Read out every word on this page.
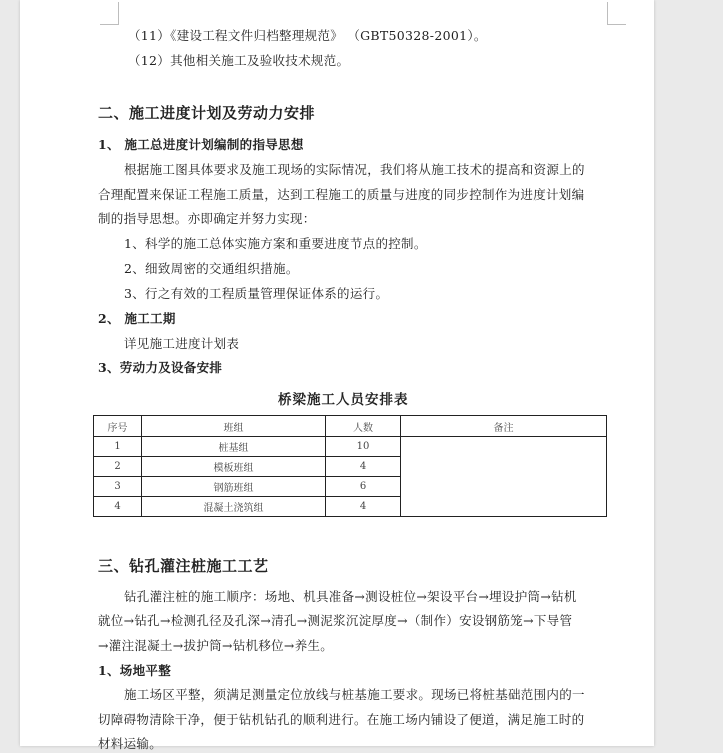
（11）《建设工程文件归档整理规范》 （GBT50328-2001）。
（12）其他相关施工及验收技术规范。
二、施工进度计划及劳动力安排
1、 施工总进度计划编制的指导思想
根据施工图具体要求及施工现场的实际情况，我们将从施工技术的提高和资源上的
合理配置来保证工程施工质量，达到工程施工的质量与进度的同步控制作为进度计划编
制的指导思想。亦即确定并努力实现：
1、科学的施工总体实施方案和重要进度节点的控制。
2、细致周密的交通组织措施。
3、行之有效的工程质量管理保证体系的运行。
2、 施工工期
详见施工进度计划表
3、劳动力及设备安排
桥梁施工人员安排表
序号	班组	人数	备注
1	桩基组	10	
2	模板班组	4	
3	钢筋班组	6	
4	混凝土浇筑组	4	
三、钻孔灌注桩施工工艺
钻孔灌注桩的施工顺序：场地、机具准备→测设桩位→架设平台→埋设护筒→钻机
就位→钻孔→检测孔径及孔深→清孔→测泥浆沉淀厚度→（制作）安设钢筋笼→下导管
→灌注混凝土→拔护筒→钻机移位→养生。
1、场地平整
施工场区平整，须满足测量定位放线与桩基施工要求。现场已将桩基础范围内的一
切障碍物清除干净，便于钻机钻孔的顺利进行。在施工场内铺设了便道，满足施工时的
材料运输。
